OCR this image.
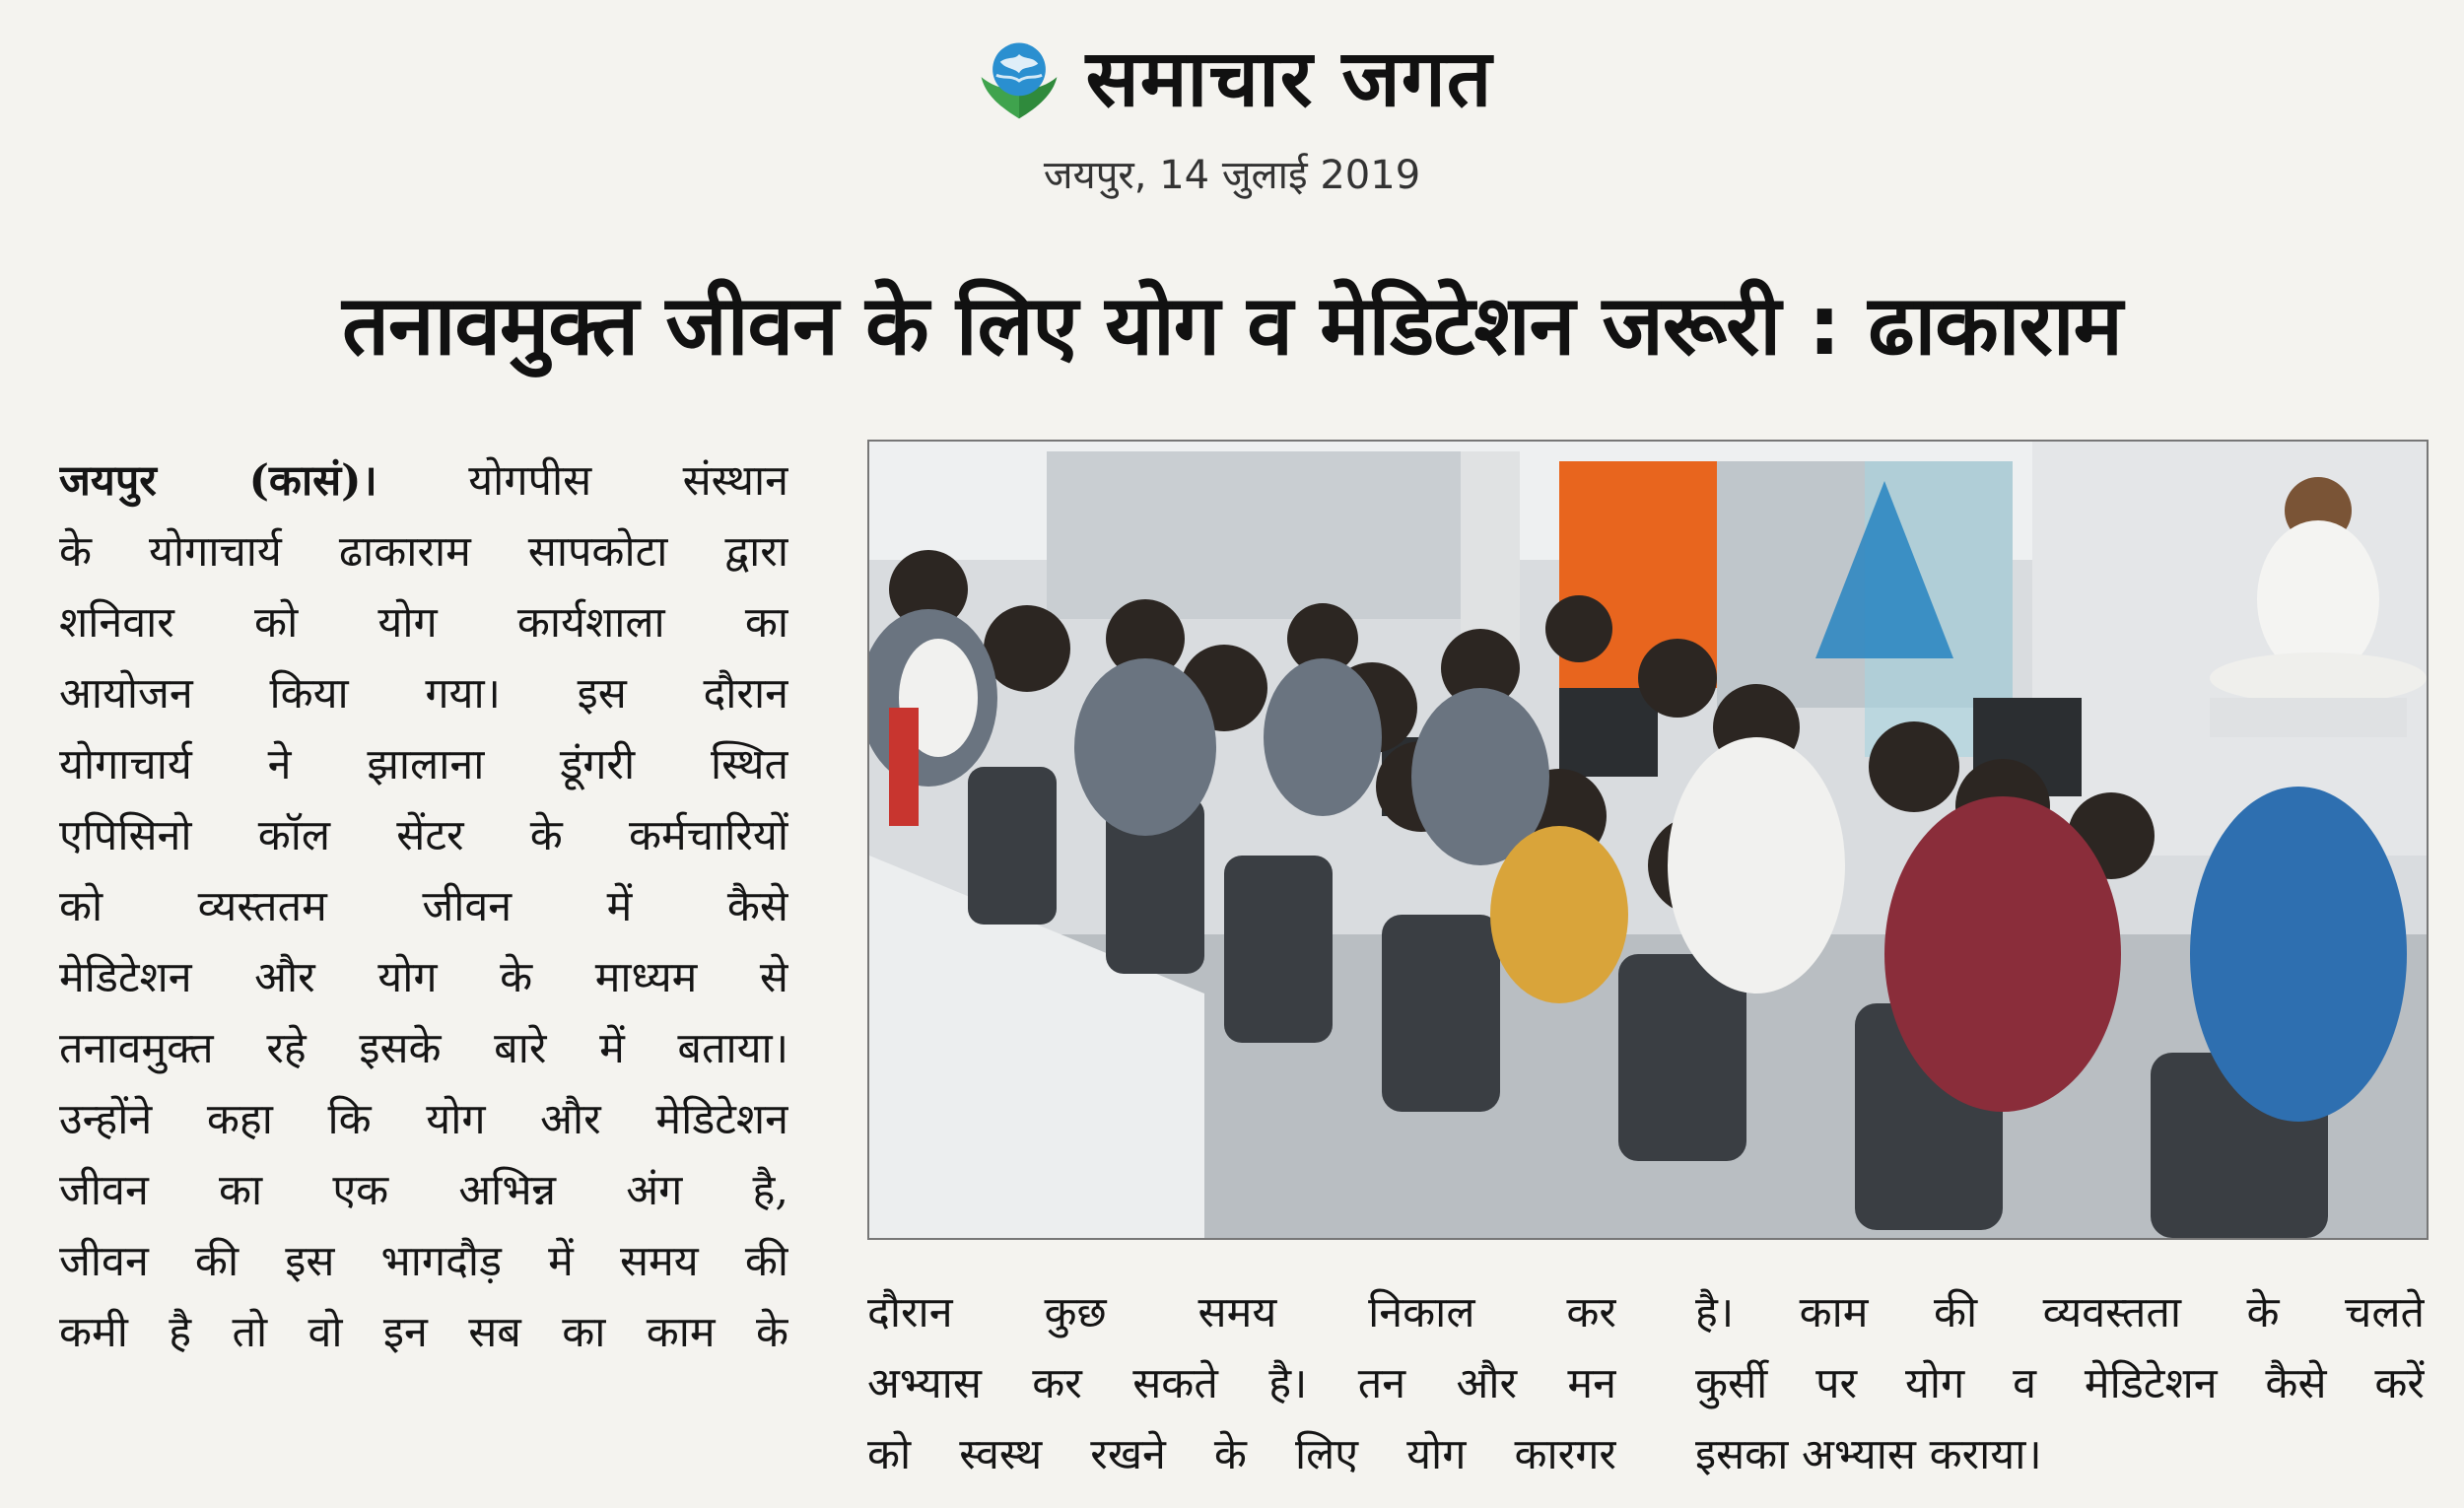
समाचार जगत
जयपुर, 14 जुलाई 2019
तनावमुक्त जीवन के लिए योग व मेडिटेशन जरूरी : ढाकाराम
जयपुर (कासं)। योगपीस संस्थान
के योगाचार्य ढाकाराम सापकोटा द्वारा
शनिवार को योग कार्यशाला का
आयोजन किया गया। इस दौरान
योगाचार्य ने झालाना डूंगरी स्थित
एपिसिनो कॉल सेंटर के कर्मचारियों
को व्यस्ततम जीवन में कैसे
मेडिटेशन और योग के माध्यम से
तनावमुक्त रहे इसके बारे में बताया।
उन्होंने कहा कि योग और मेडिटेशन
जीवन का एक अभिन्न अंग है,
जीवन की इस भागदौड़ में समय की
कमी है तो वो इन सब का काम के दौरान कुछ समय निकाल कर
अभ्यास कर सकते है। तन और मन
को स्वस्थ रखने के लिए योग कारगर
है। काम की व्यवस्तता के चलते
कुर्सी पर योग व मेडिटेशन कैसे करें
इसका अभ्यास कराया।
